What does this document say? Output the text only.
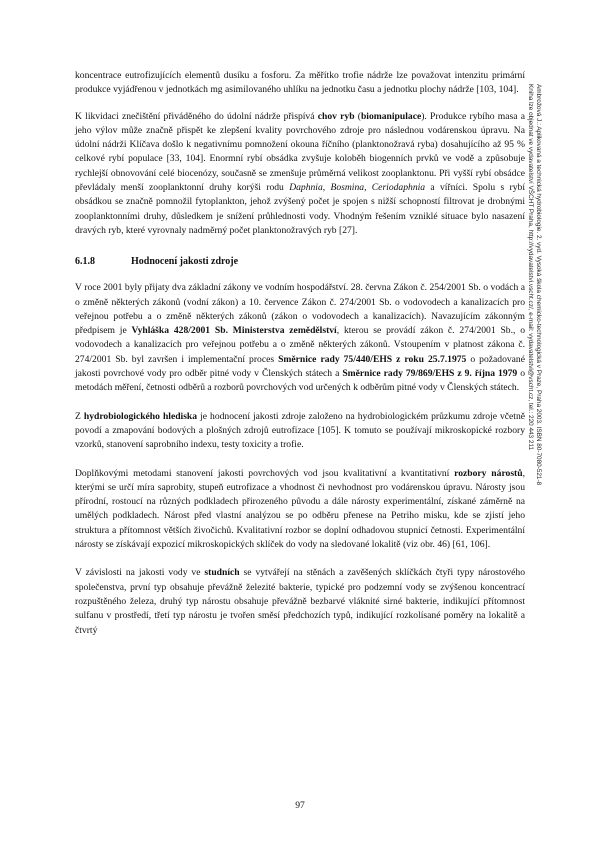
koncentrace eutrofizujících elementů dusíku a fosforu. Za měřítko trofie nádrže lze považovat intenzitu primární produkce vyjádřenou v jednotkách mg asimilovaného uhlíku na jednotku času a jednotku plochy nádrže [103, 104].

K likvidaci znečištění přiváděného do údolní nádrže přispívá chov ryb (biomanipulace). Produkce rybího masa a jeho výlov může značně přispět ke zlepšení kvality povrchového zdroje pro následnou vodárenskou úpravu. Na údolní nádrži Klíčava došlo k negativnímu pomnožení okouna říčního (planktonožravá ryba) dosahujícího až 95 % celkové rybí populace [33, 104]. Enormní rybí obsádka zvyšuje koloběh biogenních prvků ve vodě a způsobuje rychlejší obnovování celé biocenózy, současně se zmenšuje průměrná velikost zooplanktonu. Při vyšší rybí obsádce převládaly menší zooplanktonní druhy korýši rodu Daphnia, Bosmina, Ceriodaphnia a vířníci. Spolu s rybí obsádkou se značně pomnožil fytoplankton, jehož zvýšený počet je spojen s nižší schopností filtrovat je drobnými zooplanktonními druhy, důsledkem je snížení průhlednosti vody. Vhodným řešením vzniklé situace bylo nasazení dravých ryb, které vyrovnaly nadměrný počet planktonožravých ryb [27].

6.1.8	Hodnocení jakosti zdroje

V roce 2001 byly přijaty dva základní zákony ve vodním hospodářství. 28. června Zákon č. 254/2001 Sb. o vodách a o změně některých zákonů (vodní zákon) a 10. července Zákon č. 274/2001 Sb. o vodovodech a kanalizacích pro veřejnou potřebu a o změně některých zákonů (zákon o vodovodech a kanalizacích). Navazujícím zákonným předpisem je Vyhláška 428/2001 Sb. Ministerstva zemědělství, kterou se provádí zákon č. 274/2001 Sb., o vodovodech a kanalizacích pro veřejnou potřebu a o změně některých zákonů. Vstoupením v platnost zákona č. 274/2001 Sb. byl završen i implementační proces Směrnice rady 75/440/EHS z roku 25.7.1975 o požadované jakosti povrchové vody pro odběr pitné vody v Členských státech a Směrnice rady 79/869/EHS z 9. října 1979 o metodách měření, četnosti odběrů a rozborů povrchových vod určených k odběrům pitné vody v Členských státech.

Z hydrobiologického hlediska je hodnocení jakosti zdroje založeno na hydrobiologickém průzkumu zdroje včetně povodí a zmapování bodových a plošných zdrojů eutrofizace [105]. K tomuto se používají mikroskopické rozbory vzorků, stanovení saprobního indexu, testy toxicity a trofie.

Doplňkovými metodami stanovení jakosti povrchových vod jsou kvalitativní a kvantitativní rozbory nárostů, kterými se určí míra saprobity, stupeň eutrofizace a vhodnost či nevhodnost pro vodárenskou úpravu. Nárosty jsou přírodní, rostoucí na různých podkladech přirozeného původu a dále nárosty experimentální, získané záměrně na umělých podkladech. Nárost před vlastní analýzou se po odběru přenese na Petriho misku, kde se zjistí jeho struktura a přítomnost větších živočichů. Kvalitativní rozbor se doplní odhadovou stupnicí četnosti. Experimentální nárosty se získávají expozicí mikroskopických sklíček do vody na sledované lokalitě (viz obr. 46) [61, 106].

V závislosti na jakosti vody ve studních se vytvářejí na stěnách a zavěšených sklíčkách čtyři typy nárostového společenstva, první typ obsahuje převážně železité bakterie, typické pro podzemní vody se zvýšenou koncentrací rozpuštěného železa, druhý typ nárostu obsahuje převážně bezbarvé vláknité sirné bakterie, indikující přítomnost sulfanu v prostředí, třetí typ nárostu je tvořen směsí předchozích typů, indikující rozkolísané poměry na lokalitě a čtvrtý

Ambrožová J.: Aplikovaná a technická hydrobiologie. 2. vyd. Vysoká škola chemicko-technologická v Praze, Praha 2003. ISBN 80-7080-521-8
Kniha lze objednat ve vydavatelství VŠCHT Praha, http://vydavatelstvi.vscht.cz/, e-mail: vydavatelstvi@vscht.cz, tel.: 220 443 211
97
